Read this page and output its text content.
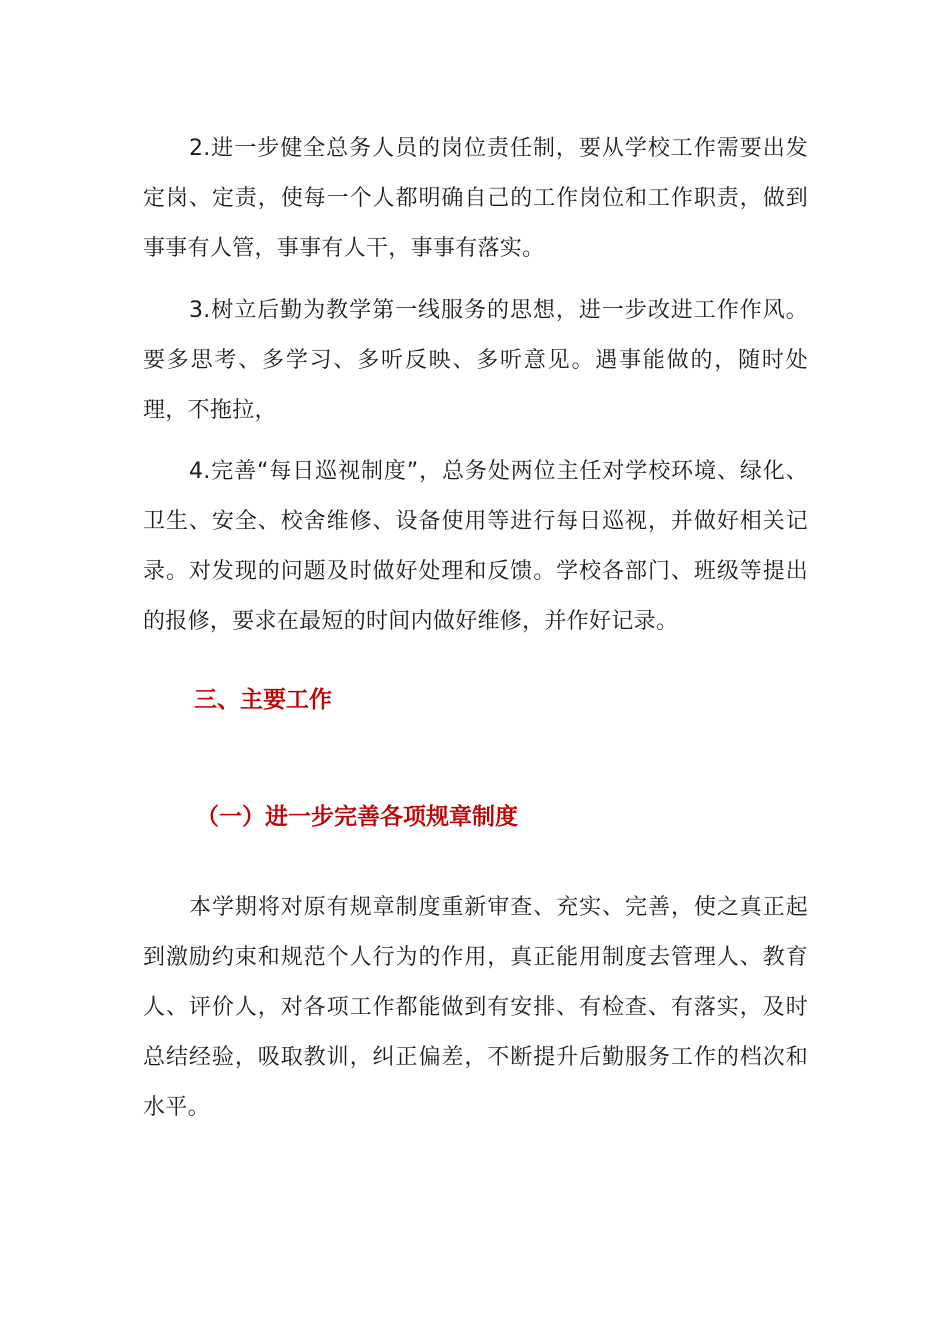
2.进一步健全总务人员的岗位责任制，要从学校工作需要出发定岗、定责，使每一个人都明确自己的工作岗位和工作职责，做到事事有人管，事事有人干，事事有落实。

3.树立后勤为教学第一线服务的思想，进一步改进工作作风。要多思考、多学习、多听反映、多听意见。遇事能做的，随时处理，不拖拉，

4.完善“每日巡视制度”，总务处两位主任对学校环境、绿化、卫生、安全、校舍维修、设备使用等进行每日巡视，并做好相关记录。对发现的问题及时做好处理和反馈。学校各部门、班级等提出的报修，要求在最短的时间内做好维修，并作好记录。

三、主要工作
（一）进一步完善各项规章制度

本学期将对原有规章制度重新审查、充实、完善，使之真正起到激励约束和规范个人行为的作用，真正能用制度去管理人、教育人、评价人，对各项工作都能做到有安排、有检查、有落实，及时总结经验，吸取教训，纠正偏差，不断提升后勤服务工作的档次和水平。
